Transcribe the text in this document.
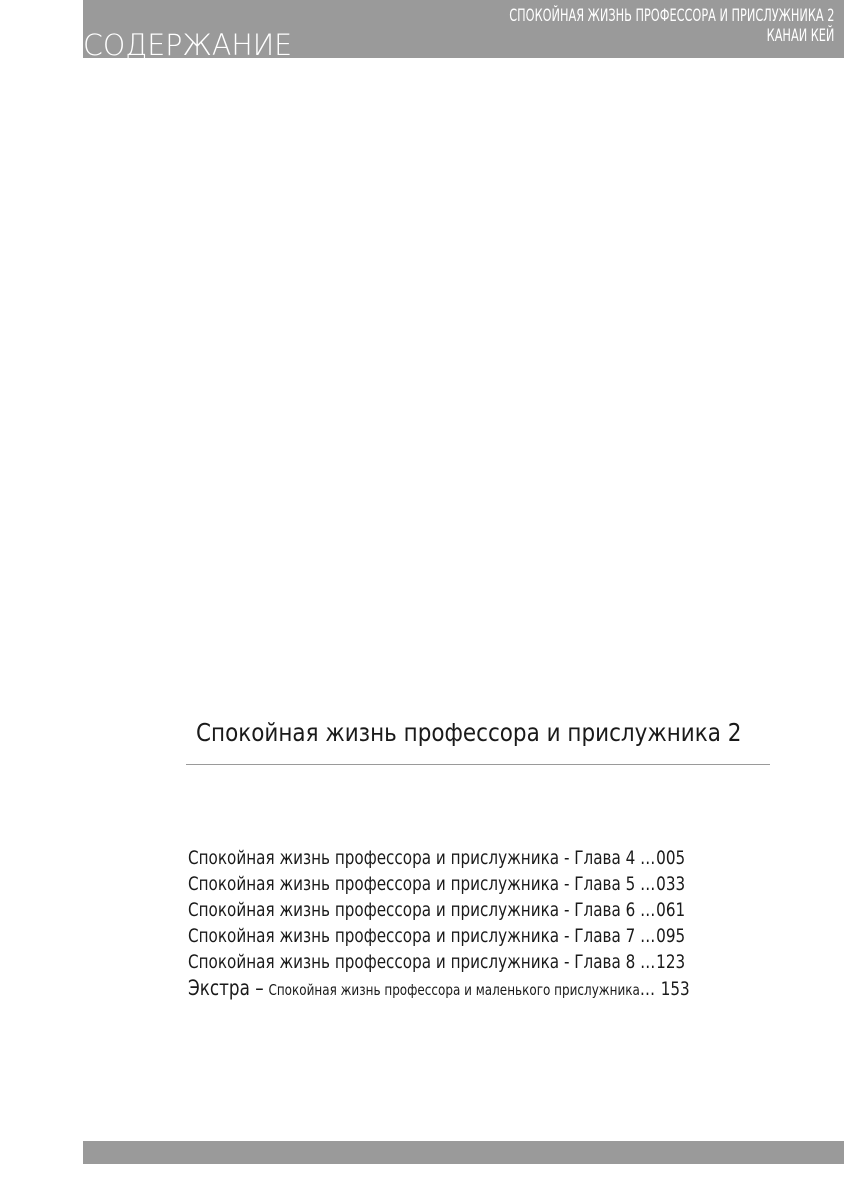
СОДЕРЖАНИЕ
СПОКОЙНАЯ ЖИЗНЬ ПРОФЕССОРА И ПРИСЛУЖНИКА 2
КАНАИ КЕЙ
Спокойная жизнь профессора и прислужника 2
Спокойная жизнь профессора и прислужника - Глава 4 …005
Спокойная жизнь профессора и прислужника - Глава 5 …033
Спокойная жизнь профессора и прислужника - Глава 6 …061
Спокойная жизнь профессора и прислужника - Глава 7 …095
Спокойная жизнь профессора и прислужника - Глава 8 …123
Экстра – Спокойная жизнь профессора и маленького прислужника… 153
